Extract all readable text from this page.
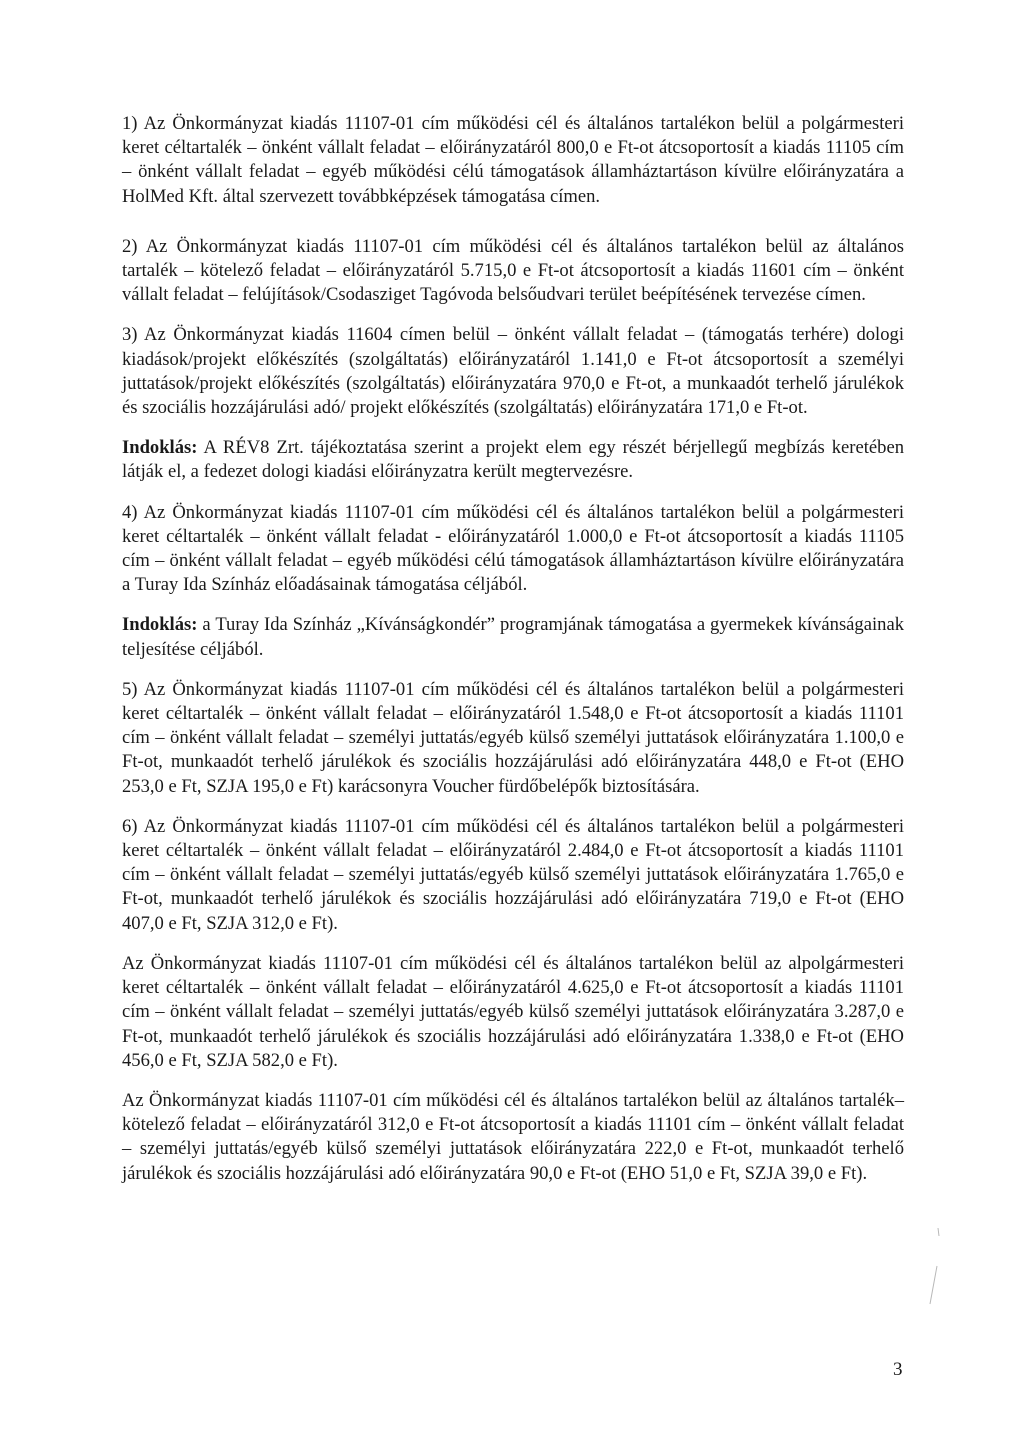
1) Az Önkormányzat kiadás 11107-01 cím működési cél és általános tartalékon belül a polgármesteri keret céltartalék – önként vállalt feladat – előirányzatáról 800,0 e Ft-ot átcsoportosít a kiadás 11105 cím – önként vállalt feladat – egyéb működési célú támogatások államháztartáson kívülre előirányzatára a HolMed Kft. által szervezett továbbképzések támogatása címen.

2) Az Önkormányzat kiadás 11107-01 cím működési cél és általános tartalékon belül az általános tartalék – kötelező feladat – előirányzatáról 5.715,0 e Ft-ot átcsoportosít a kiadás 11601 cím – önként vállalt feladat – felújítások/Csodasziget Tagóvoda belsőudvari terület beépítésének tervezése címen.

3) Az Önkormányzat kiadás 11604 címen belül – önként vállalt feladat – (támogatás terhére) dologi kiadások/projekt előkészítés (szolgáltatás) előirányzatáról 1.141,0 e Ft-ot átcsoportosít a személyi juttatások/projekt előkészítés (szolgáltatás) előirányzatára 970,0 e Ft-ot, a munkaadót terhelő járulékok és szociális hozzájárulási adó/ projekt előkészítés (szolgáltatás) előirányzatára 171,0 e Ft-ot.

Indoklás: A RÉV8 Zrt. tájékoztatása szerint a projekt elem egy részét bérjellegű megbízás keretében látják el, a fedezet dologi kiadási előirányzatra került megtervezésre.

4) Az Önkormányzat kiadás 11107-01 cím működési cél és általános tartalékon belül a polgármesteri keret céltartalék – önként vállalt feladat - előirányzatáról 1.000,0 e Ft-ot átcsoportosít a kiadás 11105 cím – önként vállalt feladat – egyéb működési célú támogatások államháztartáson kívülre előirányzatára a Turay Ida Színház előadásainak támogatása céljából.

Indoklás: a Turay Ida Színház „Kívánságkondér” programjának támogatása a gyermekek kívánságainak teljesítése céljából.

5) Az Önkormányzat kiadás 11107-01 cím működési cél és általános tartalékon belül a polgármesteri keret céltartalék – önként vállalt feladat – előirányzatáról 1.548,0 e Ft-ot átcsoportosít a kiadás 11101 cím – önként vállalt feladat – személyi juttatás/egyéb külső személyi juttatások előirányzatára 1.100,0 e Ft-ot, munkaadót terhelő járulékok és szociális hozzájárulási adó előirányzatára 448,0 e Ft-ot (EHO 253,0 e Ft, SZJA 195,0 e Ft) karácsonyra Voucher fürdőbelépők biztosítására.

6) Az Önkormányzat kiadás 11107-01 cím működési cél és általános tartalékon belül a polgármesteri keret céltartalék – önként vállalt feladat – előirányzatáról 2.484,0 e Ft-ot átcsoportosít a kiadás 11101 cím – önként vállalt feladat – személyi juttatás/egyéb külső személyi juttatások előirányzatára 1.765,0 e Ft-ot, munkaadót terhelő járulékok és szociális hozzájárulási adó előirányzatára 719,0 e Ft-ot (EHO 407,0 e Ft, SZJA 312,0 e Ft).

Az Önkormányzat kiadás 11107-01 cím működési cél és általános tartalékon belül az alpolgármesteri keret céltartalék – önként vállalt feladat – előirányzatáról 4.625,0 e Ft-ot átcsoportosít a kiadás 11101 cím – önként vállalt feladat – személyi juttatás/egyéb külső személyi juttatások előirányzatára 3.287,0 e Ft-ot, munkaadót terhelő járulékok és szociális hozzájárulási adó előirányzatára 1.338,0 e Ft-ot (EHO 456,0 e Ft, SZJA 582,0 e Ft).

Az Önkormányzat kiadás 11107-01 cím működési cél és általános tartalékon belül az általános tartalék– kötelező feladat – előirányzatáról 312,0 e Ft-ot átcsoportosít a kiadás 11101 cím – önként vállalt feladat – személyi juttatás/egyéb külső személyi juttatások előirányzatára 222,0 e Ft-ot, munkaadót terhelő járulékok és szociális hozzájárulási adó előirányzatára 90,0 e Ft-ot (EHO 51,0 e Ft, SZJA 39,0 e Ft).

3
